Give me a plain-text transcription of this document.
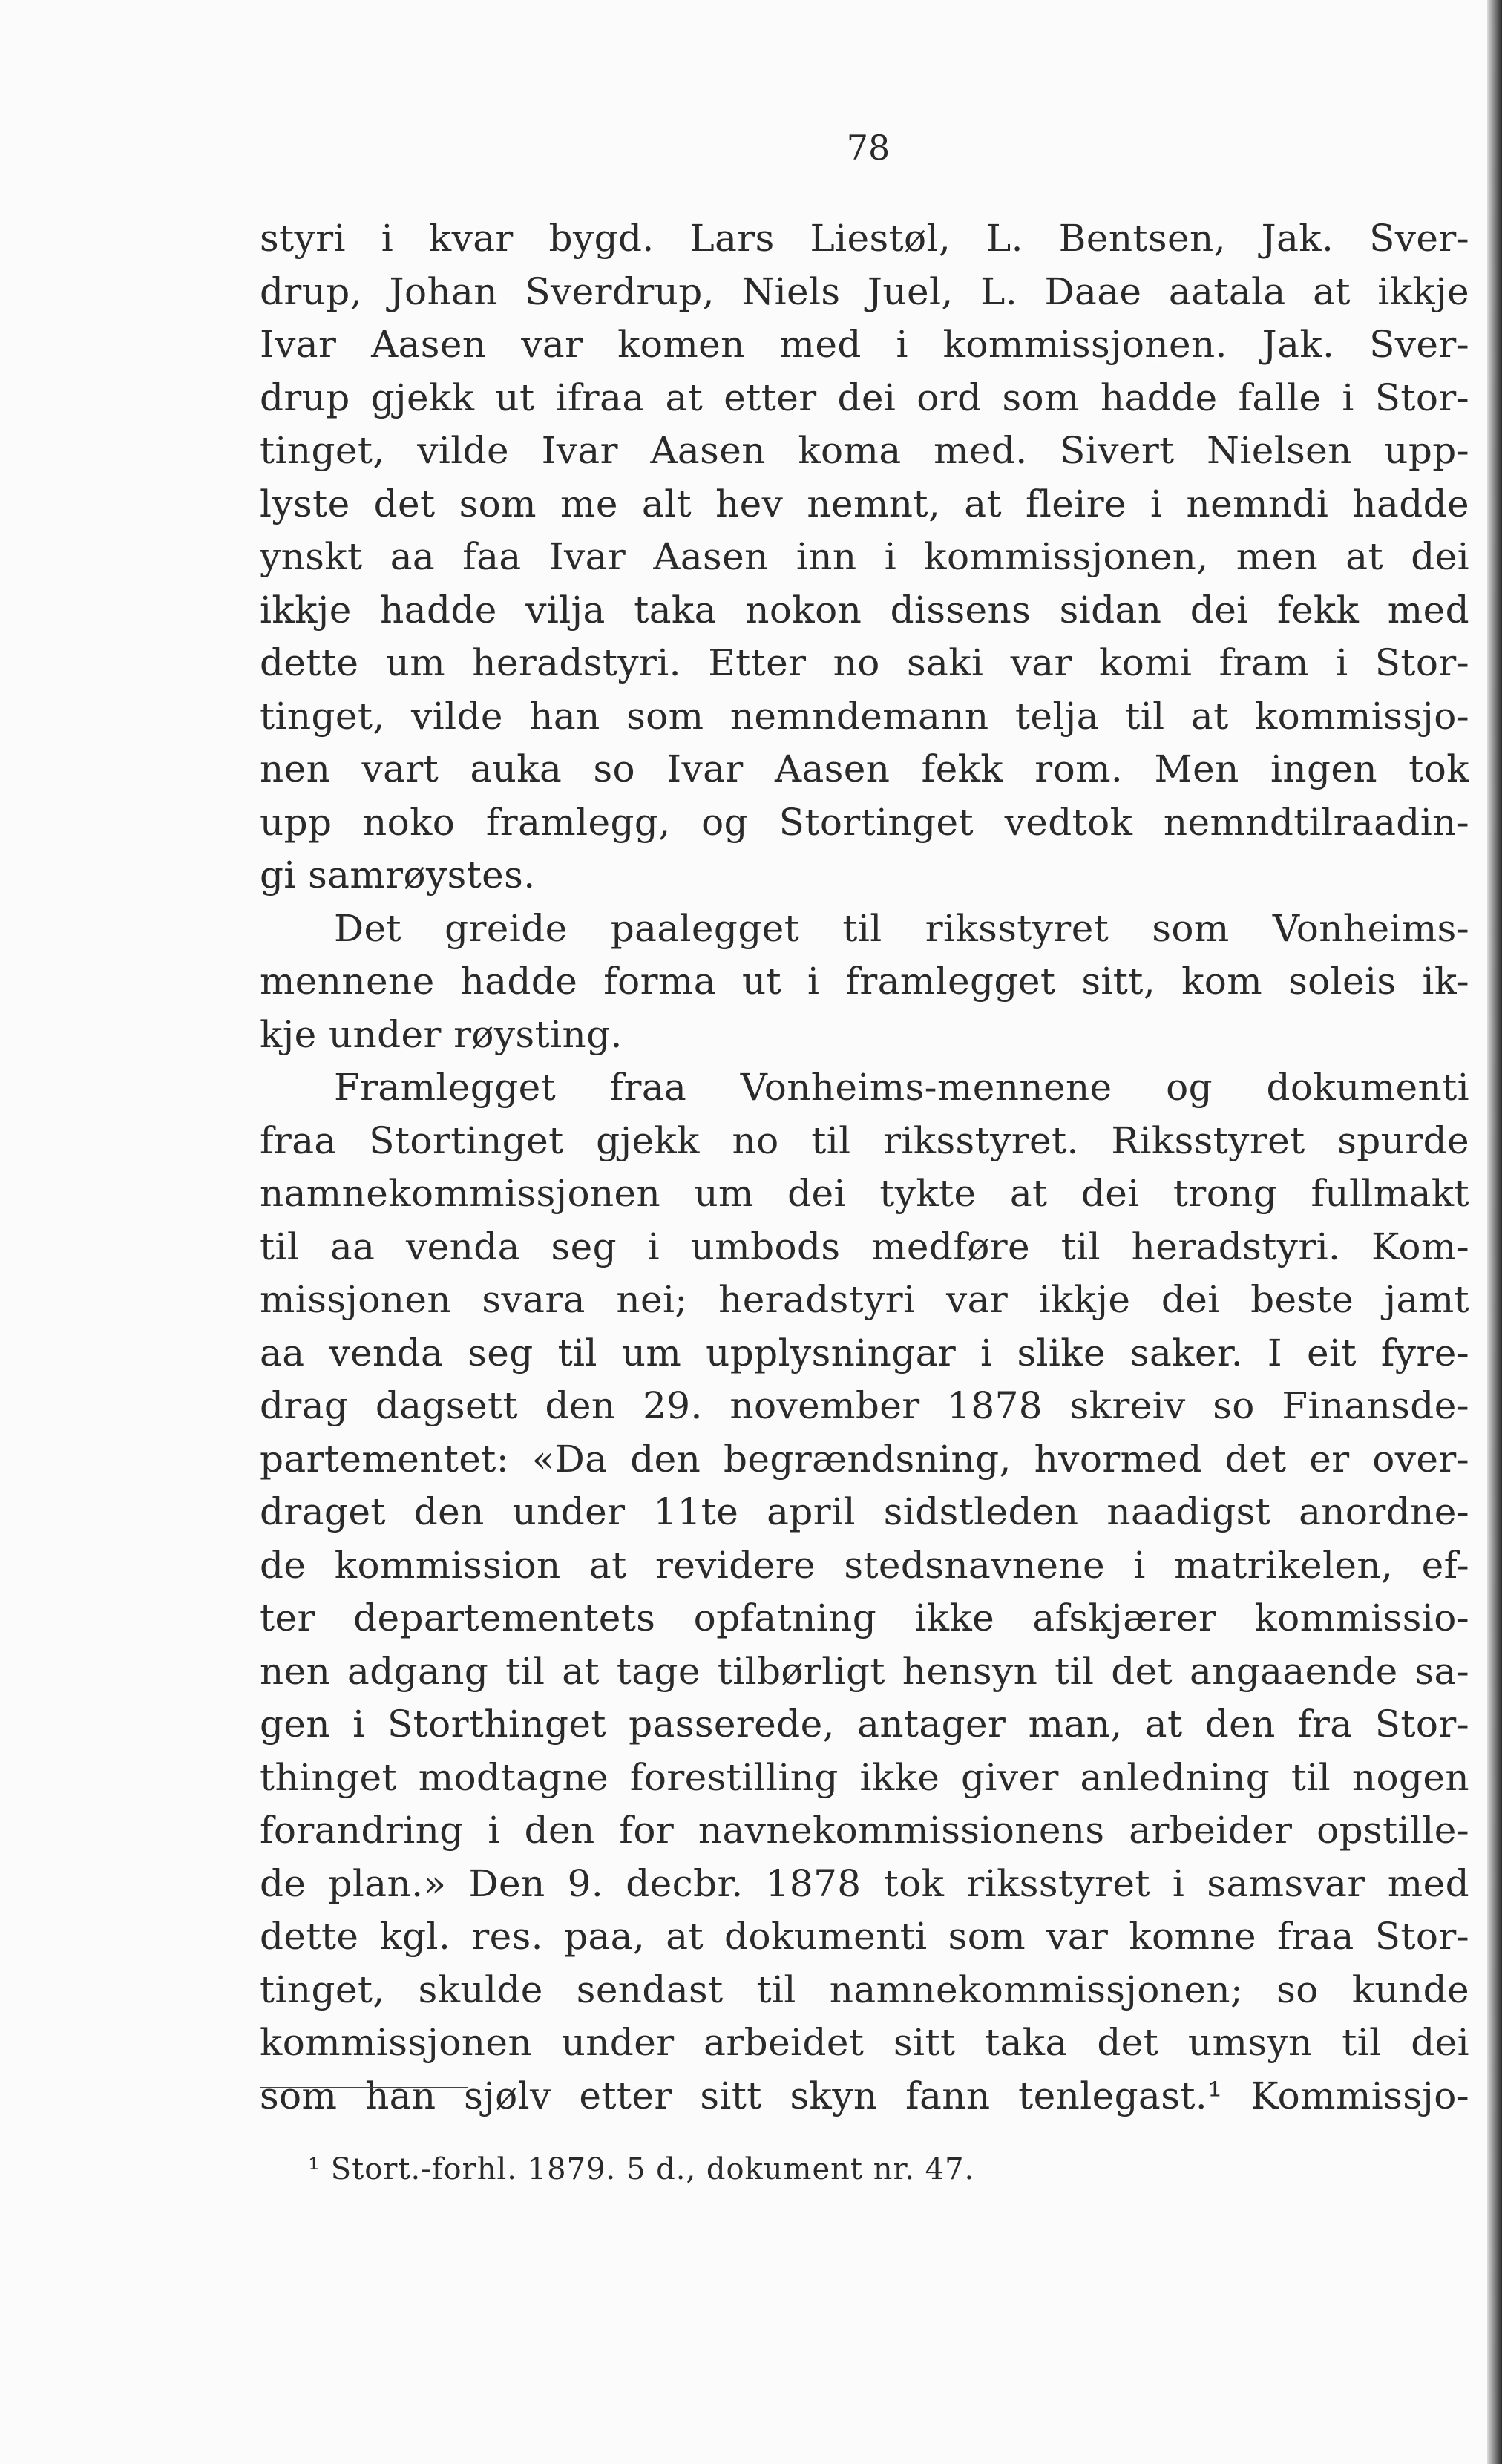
78
styri i kvar bygd. Lars Liestøl, L. Bentsen, Jak. Sver-
drup, Johan Sverdrup, Niels Juel, L. Daae aatala at ikkje
Ivar Aasen var komen med i kommissjonen. Jak. Sver-
drup gjekk ut ifraa at etter dei ord som hadde falle i Stor-
tinget, vilde Ivar Aasen koma med. Sivert Nielsen upp-
lyste det som me alt hev nemnt, at fleire i nemndi hadde
ynskt aa faa Ivar Aasen inn i kommissjonen, men at dei
ikkje hadde vilja taka nokon dissens sidan dei fekk med
dette um heradstyri. Etter no saki var komi fram i Stor-
tinget, vilde han som nemndemann telja til at kommissjo-
nen vart auka so Ivar Aasen fekk rom. Men ingen tok
upp noko framlegg, og Stortinget vedtok nemndtilraadin-
gi samrøystes.
Det greide paalegget til riksstyret som Vonheims-
mennene hadde forma ut i framlegget sitt, kom soleis ik-
kje under røysting.
Framlegget fraa Vonheims-mennene og dokumenti
fraa Stortinget gjekk no til riksstyret. Riksstyret spurde
namnekommissjonen um dei tykte at dei trong fullmakt
til aa venda seg i umbods medføre til heradstyri. Kom-
missjonen svara nei; heradstyri var ikkje dei beste jamt
aa venda seg til um upplysningar i slike saker. I eit fyre-
drag dagsett den 29. november 1878 skreiv so Finansde-
partementet: «Da den begrændsning, hvormed det er over-
draget den under 11te april sidstleden naadigst anordne-
de kommission at revidere stedsnavnene i matrikelen, ef-
ter departementets opfatning ikke afskjærer kommissio-
nen adgang til at tage tilbørligt hensyn til det angaaende sa-
gen i Storthinget passerede, antager man, at den fra Stor-
thinget modtagne forestilling ikke giver anledning til nogen
forandring i den for navnekommissionens arbeider opstille-
de plan.» Den 9. decbr. 1878 tok riksstyret i samsvar med
dette kgl. res. paa, at dokumenti som var komne fraa Stor-
tinget, skulde sendast til namnekommissjonen; so kunde
kommissjonen under arbeidet sitt taka det umsyn til dei
som han sjølv etter sitt skyn fann tenlegast.¹ Kommissjo-
¹ Stort.-forhl. 1879. 5 d., dokument nr. 47.
